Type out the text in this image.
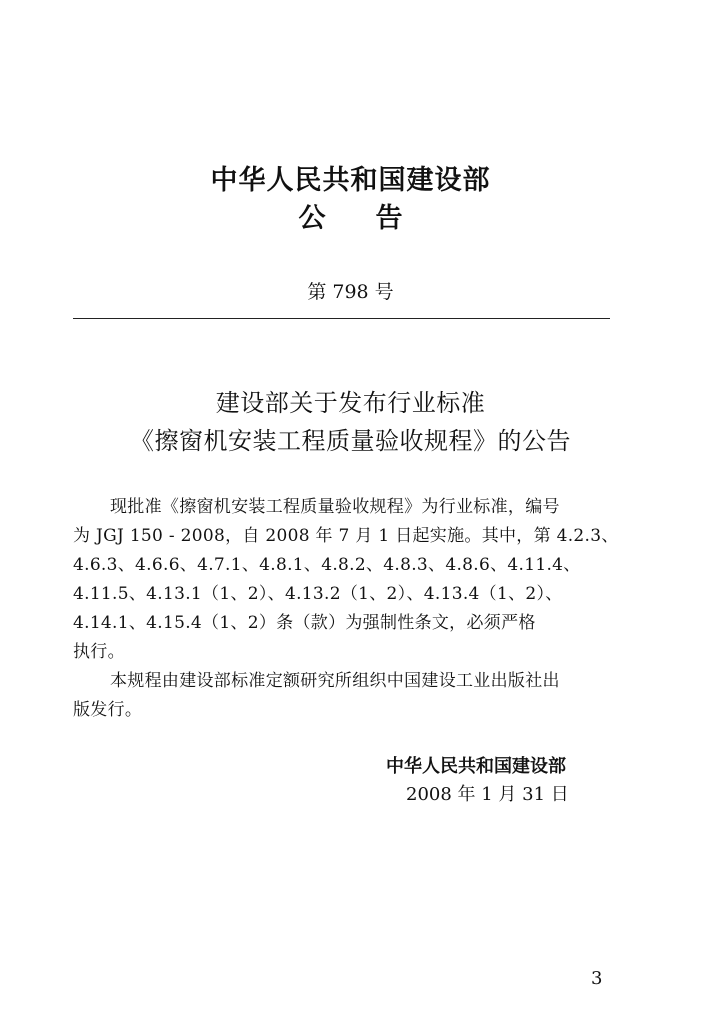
中华人民共和国建设部
公告
第 798 号
建设部关于发布行业标准
《擦窗机安装工程质量验收规程》的公告
现批准《擦窗机安装工程质量验收规程》为行业标准，编号
为 JGJ 150 - 2008，自 2008 年 7 月 1 日起实施。其中，第 4.2.3、
4.6.3、4.6.6、4.7.1、4.8.1、4.8.2、4.8.3、4.8.6、4.11.4、
4.11.5、4.13.1（1、2）、4.13.2（1、2）、4.13.4（1、2）、
4.14.1、4.15.4（1、2）条（款）为强制性条文，必须严格
执行。
本规程由建设部标准定额研究所组织中国建设工业出版社出
版发行。
中华人民共和国建设部
2008 年 1 月 31 日
3
